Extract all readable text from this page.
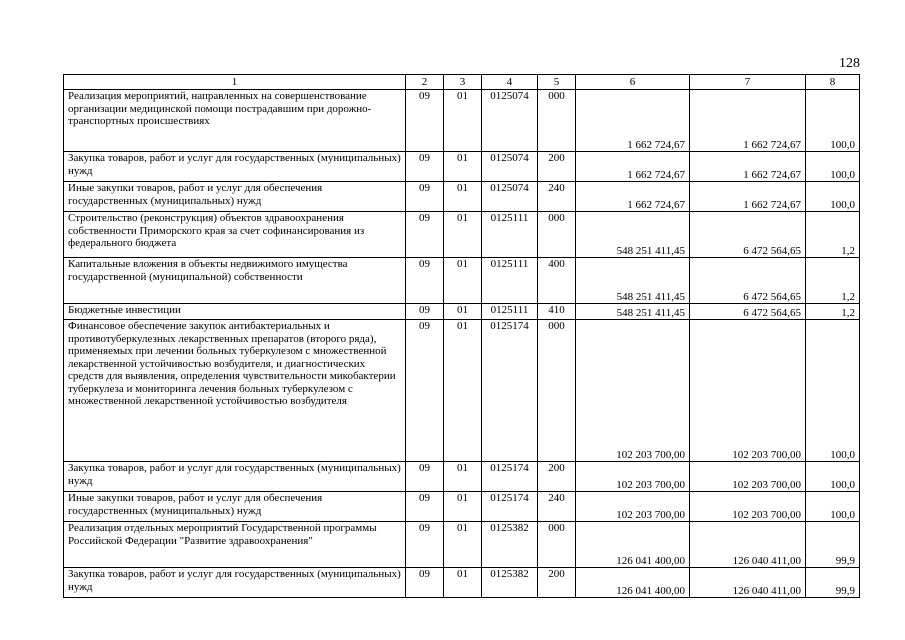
128
1	2	3	4	5	6	7	8
Реализация мероприятий, направленных на совершенствование организации медицинской помощи пострадавшим при дорожно-транспортных происшествиях	09	01	0125074	000	1 662 724,67	1 662 724,67	100,0
Закупка товаров, работ и услуг для государственных (муниципальных) нужд	09	01	0125074	200	1 662 724,67	1 662 724,67	100,0
Иные закупки товаров, работ и услуг для обеспечения государственных (муниципальных) нужд	09	01	0125074	240	1 662 724,67	1 662 724,67	100,0
Строительство (реконструкция) объектов здравоохранения собственности Приморского края за счет софинансирования из федерального бюджета	09	01	0125111	000	548 251 411,45	6 472 564,65	1,2
Капитальные вложения в объекты недвижимого имущества государственной (муниципальной) собственности	09	01	0125111	400	548 251 411,45	6 472 564,65	1,2
Бюджетные инвестиции	09	01	0125111	410	548 251 411,45	6 472 564,65	1,2
Финансовое обеспечение закупок антибактериальных и противотуберкулезных лекарственных препаратов (второго ряда), применяемых при лечении больных туберкулезом с множественной лекарственной устойчивостью возбудителя, и диагностических средств для выявления, определения чувствительности микобактерии туберкулеза и мониторинга лечения больных туберкулезом с множественной лекарственной устойчивостью возбудителя	09	01	0125174	000	102 203 700,00	102 203 700,00	100,0
Закупка товаров, работ и услуг для государственных (муниципальных) нужд	09	01	0125174	200	102 203 700,00	102 203 700,00	100,0
Иные закупки товаров, работ и услуг для обеспечения государственных (муниципальных) нужд	09	01	0125174	240	102 203 700,00	102 203 700,00	100,0
Реализация отдельных мероприятий Государственной программы Российской Федерации "Развитие здравоохранения"	09	01	0125382	000	126 041 400,00	126 040 411,00	99,9
Закупка товаров, работ и услуг для государственных (муниципальных) нужд	09	01	0125382	200	126 041 400,00	126 040 411,00	99,9
